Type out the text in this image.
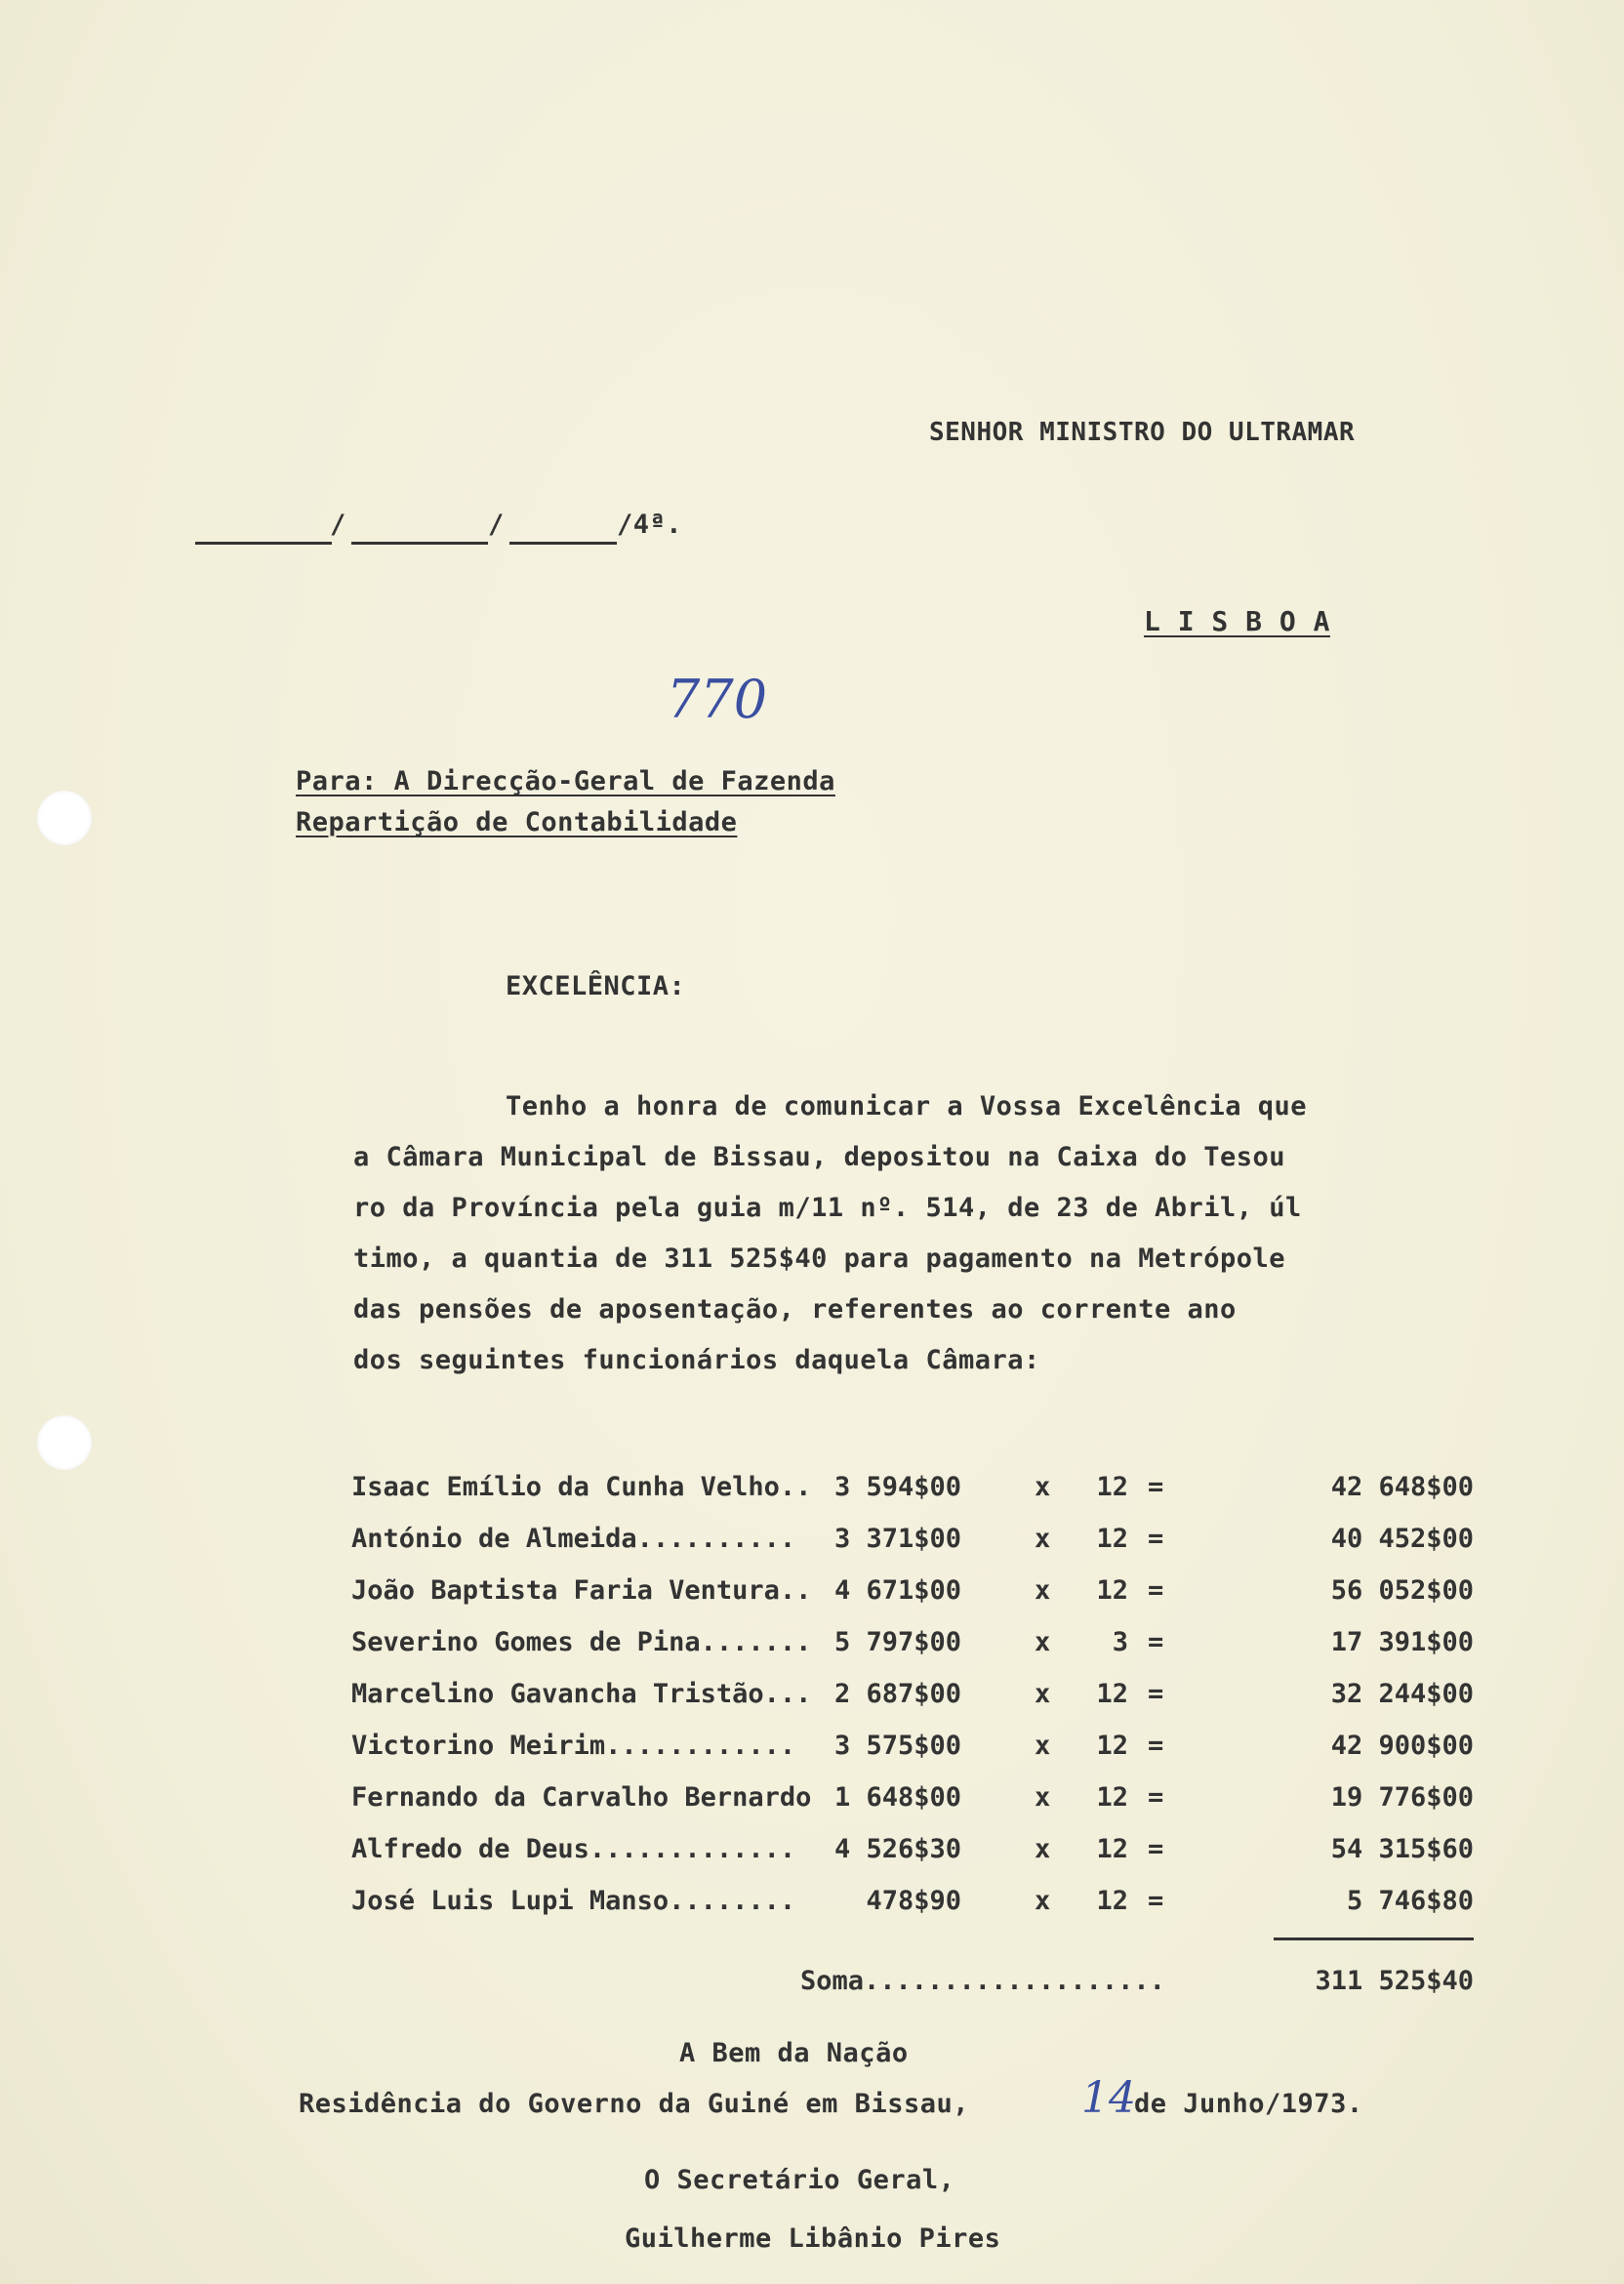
SENHOR MINISTRO DO ULTRAMAR
/	/	/4ª.
L I S B O A
770
Para: A Direcção-Geral de Fazenda
Repartição de Contabilidade
EXCELÊNCIA:
Tenho a honra de comunicar a Vossa Excelência que
a Câmara Municipal de Bissau, depositou na Caixa do Tesou
ro da Província pela guia m/11 nº. 514, de 23 de Abril, úl
timo, a quantia de 311 525$40 para pagamento na Metrópole
das pensões de aposentação, referentes ao corrente ano
dos seguintes funcionários daquela Câmara:
Isaac Emílio da Cunha Velho.. 3 594$00	x	12 =	42 648$00
António de Almeida.......... 3 371$00	x	12 =	40 452$00
João Baptista Faria Ventura.. 4 671$00	x	12 =	56 052$00
Severino Gomes de Pina....... 5 797$00	x	3 =	17 391$00
Marcelino Gavancha Tristão... 2 687$00	x	12 =	32 244$00
Victorino Meirim............ 3 575$00	x	12 =	42 900$00
Fernando da Carvalho Bernardo 1 648$00	x	12 =	19 776$00
Alfredo de Deus............. 4 526$30	x	12 =	54 315$60
José Luis Lupi Manso........	478$90	x	12 =	5 746$80
Soma...................	311 525$40
A Bem da Nação
Residência do Governo da Guiné em Bissau,	14
de Junho/1973.
O Secretário Geral,
Guilherme Libânio Pires
